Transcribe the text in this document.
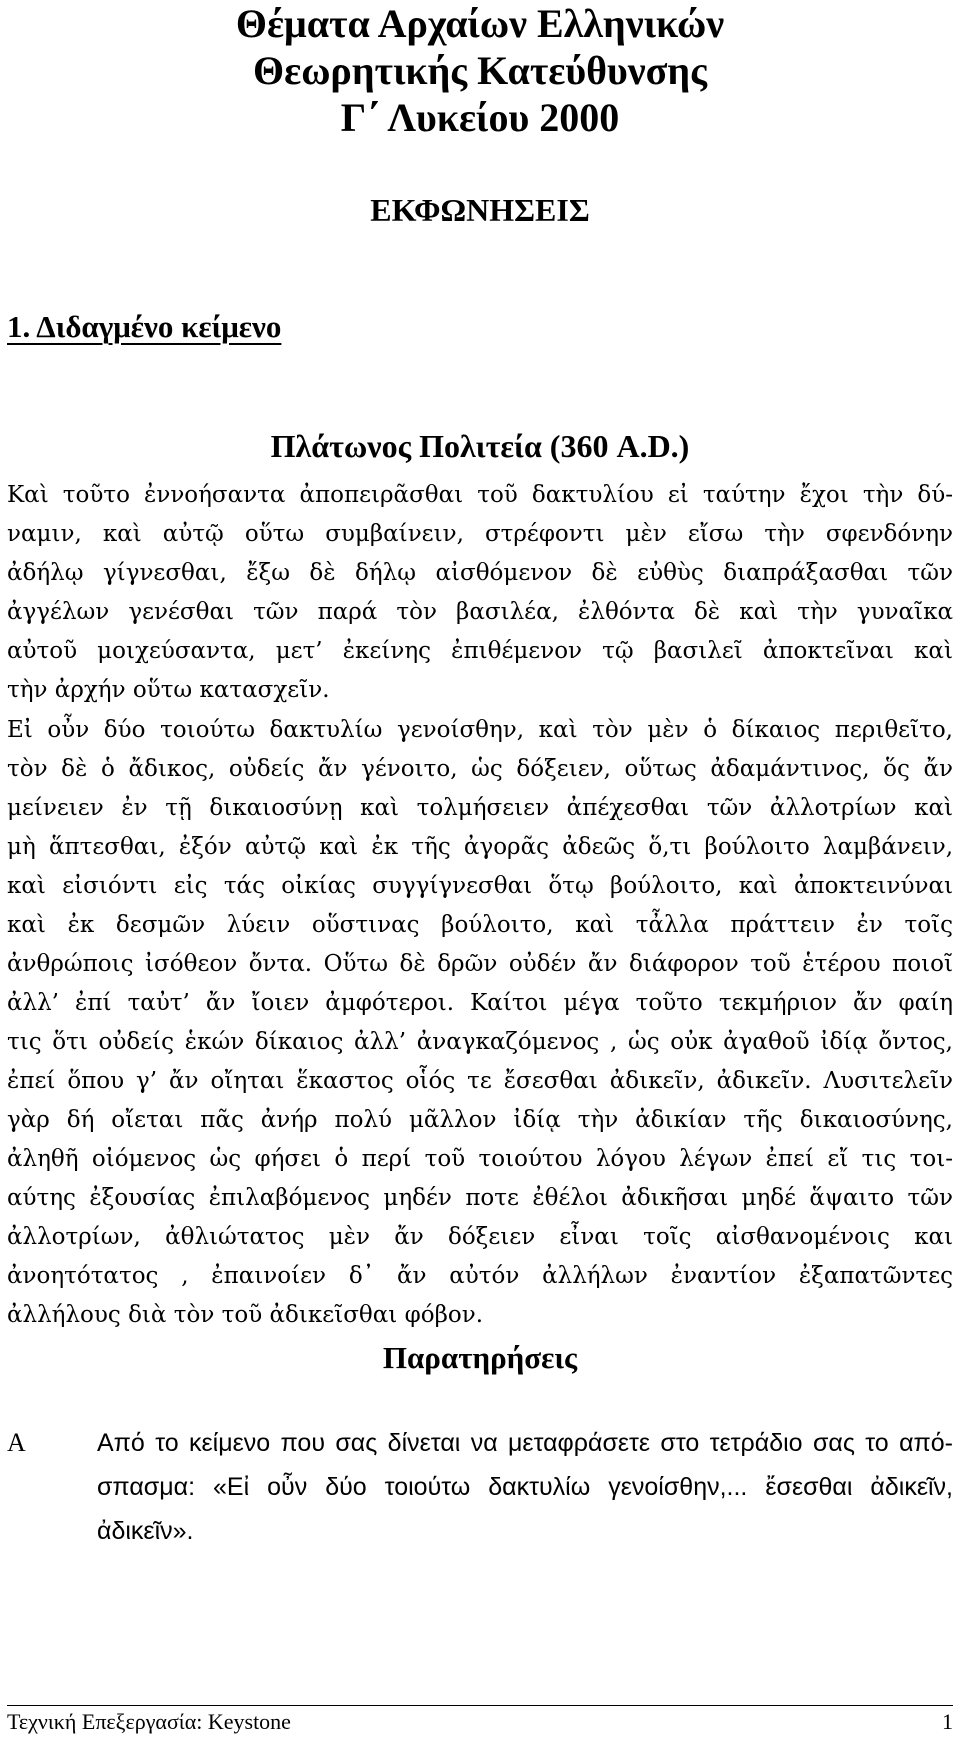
Θέματα Αρχαίων Ελληνικών
Θεωρητικής Κατεύθυνσης
Γ΄ Λυκείου 2000
ΕΚΦΩΝΗΣΕΙΣ
1. Διδαγμένο κείμενο
Πλάτωνος Πολιτεία (360 A.D.)
Καὶ τοῦτο ἐννοήσαντα ἀποπειρᾶσθαι τοῦ δακτυλίου εἰ ταύτην ἔχοι τὴν δύ-
ναμιν, καὶ αὐτῷ οὕτω συμβαίνειν, στρέφοντι μὲν εἴσω τὴν σφενδόνην
ἀδήλῳ γίγνεσθαι, ἔξω δὲ δήλῳ αἰσθόμενον δὲ εὐθὺς διαπράξασθαι τῶν
ἀγγέλων γενέσθαι τῶν παρά τὸν βασιλέα, ἐλθόντα δὲ καὶ τὴν γυναῖκα
αὐτοῦ μοιχεύσαντα, μετ’ ἐκείνης ἐπιθέμενον τῷ βασιλεῖ ἀποκτεῖναι καὶ
τὴν ἀρχήν οὕτω κατασχεῖν.
Εἰ οὖν δύο τοιούτω δακτυλίω γενοίσθην, καὶ τὸν μὲν ὁ δίκαιος περιθεῖτο,
τὸν δὲ ὁ ἄδικος, οὐδείς ἄν γένοιτο, ὡς δόξειεν, οὕτως ἀδαμάντινος, ὅς ἄν
μείνειεν ἐν τῇ δικαιοσύνῃ καὶ τολμήσειεν ἀπέχεσθαι τῶν ἀλλοτρίων καὶ
μὴ ἅπτεσθαι, ἐξόν αὐτῷ καὶ ἐκ τῆς ἀγορᾶς ἀδεῶς ὅ,τι βούλοιτο λαμβάνειν,
καὶ εἰσιόντι εἰς τάς οἰκίας συγγίγνεσθαι ὅτῳ βούλοιτο, καὶ ἀποκτεινύναι
καὶ ἐκ δεσμῶν λύειν οὕστινας βούλοιτο, καὶ τἆλλα πράττειν ἐν τοῖς
ἀνθρώποις ἰσόθεον ὄντα. Οὕτω δὲ δρῶν οὐδέν ἄν διάφορον τοῦ ἑτέρου ποιοῖ
ἀλλ’ ἐπί ταὐτ’ ἄν ἴοιεν ἀμφότεροι. Καίτοι μέγα τοῦτο τεκμήριον ἄν φαίη
τις ὅτι οὐδείς ἑκών δίκαιος ἀλλ’ ἀναγκαζόμενος , ὡς οὐκ ἀγαθοῦ ἰδίᾳ ὄντος,
ἐπεί ὅπου γ’ ἄν οἴηται ἕκαστος οἷός τε ἔσεσθαι ἀδικεῖν, ἀδικεῖν. Λυσιτελεῖν
γὰρ δή οἴεται πᾶς ἀνήρ πολύ μᾶλλον ἰδίᾳ τὴν ἀδικίαν τῆς δικαιοσύνης,
ἀληθῆ οἰόμενος ὡς φήσει ὁ περί τοῦ τοιούτου λόγου λέγων ἐπεί εἴ τις τοι-
αύτης ἐξουσίας ἐπιλαβόμενος μηδέν ποτε ἐθέλοι ἀδικῆσαι μηδέ ἅψαιτο τῶν
ἀλλοτρίων, ἀθλιώτατος μὲν ἄν δόξειεν εἶναι τοῖς αἰσθανομένοις και
ἀνοητότατος , ἐπαινοίεν δ᾿ ἄν αὐτόν ἀλλήλων ἐναντίον ἐξαπατῶντες
ἀλλήλους διὰ τὸν τοῦ ἀδικεῖσθαι φόβον.
Παρατηρήσεις
Α	Από το κείμενο που σας δίνεται να μεταφράσετε στο τετράδιο σας το από-
σπασμα: «Εἰ οὖν δύο τοιούτω δακτυλίω γενοίσθην,... ἔσεσθαι ἀδικεῖν,
ἀδικεῖν».
Τεχνική Επεξεργασία: Keystone	1
